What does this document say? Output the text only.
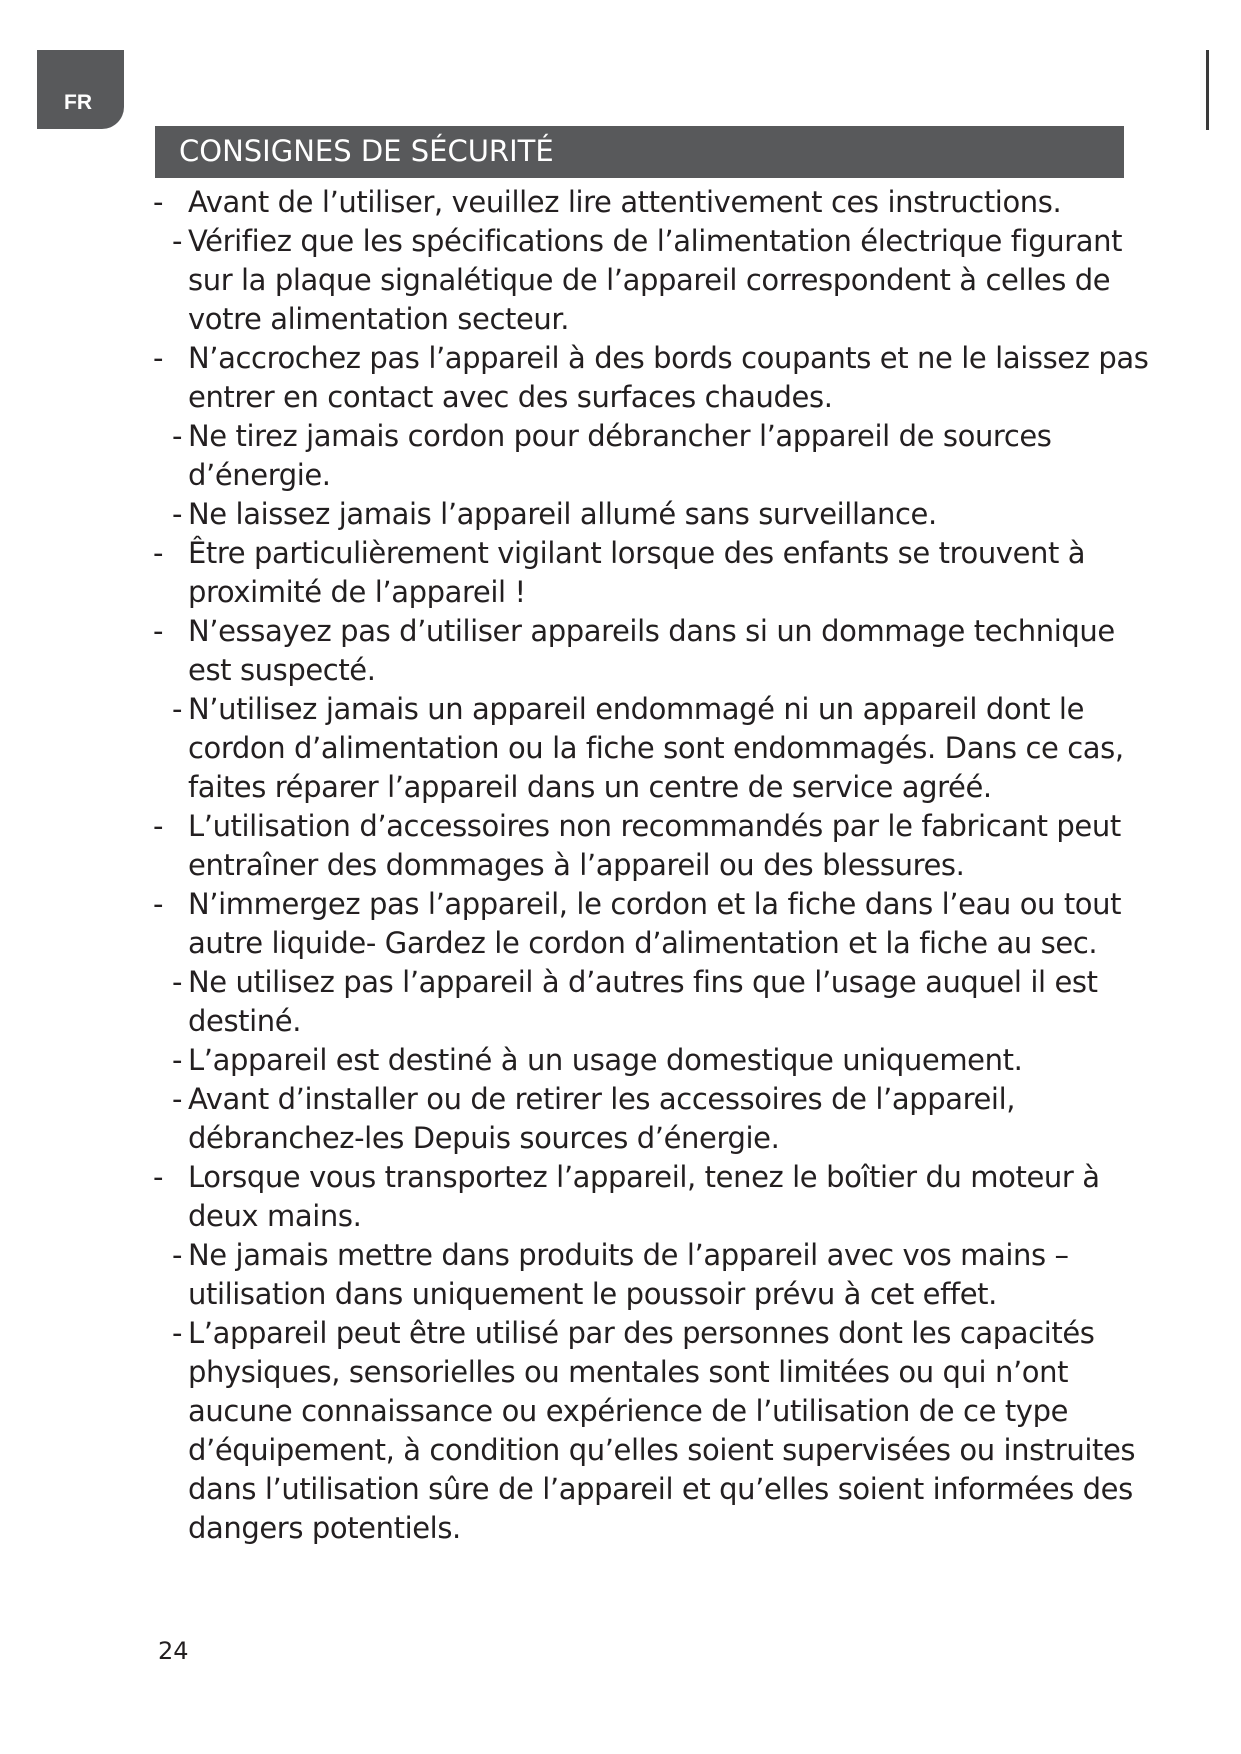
FR
CONSIGNES DE SÉCURITÉ
- Avant de l’utiliser, veuillez lire attentivement ces instructions.
- Vérifiez que les spécifications de l’alimentation électrique figurant sur la plaque signalétique de l’appareil correspondent à celles de votre alimentation secteur.
- N’accrochez pas l’appareil à des bords coupants et ne le laissez pas entrer en contact avec des surfaces chaudes.
- Ne tirez jamais cordon pour débrancher l’appareil de sources d’énergie.
- Ne laissez jamais l’appareil allumé sans surveillance.
- Être particulièrement vigilant lorsque des enfants se trouvent à proximité de l’appareil !
- N’essayez pas d’utiliser appareils dans si un dommage technique est suspecté.
- N’utilisez jamais un appareil endommagé ni un appareil dont le cordon d’alimentation ou la fiche sont endommagés. Dans ce cas, faites réparer l’appareil dans un centre de service agréé.
- L’utilisation d’accessoires non recommandés par le fabricant peut entraîner des dommages à l’appareil ou des blessures.
- N’immergez pas l’appareil, le cordon et la fiche dans l’eau ou tout autre liquide- Gardez le cordon d’alimentation et la fiche au sec.
- Ne utilisez pas l’appareil à d’autres fins que l’usage auquel il est destiné.
- L’appareil est destiné à un usage domestique uniquement.
- Avant d’installer ou de retirer les accessoires de l’appareil, débranchez-les Depuis sources d’énergie.
- Lorsque vous transportez l’appareil, tenez le boîtier du moteur à deux mains.
- Ne jamais mettre dans produits de l’appareil avec vos mains – utilisation dans uniquement le poussoir prévu à cet effet.
- L’appareil peut être utilisé par des personnes dont les capacités physiques, sensorielles ou mentales sont limitées ou qui n’ont aucune connaissance ou expérience de l’utilisation de ce type d’équipement, à condition qu’elles soient supervisées ou instruites dans l’utilisation sûre de l’appareil et qu’elles soient informées des dangers potentiels.
24
